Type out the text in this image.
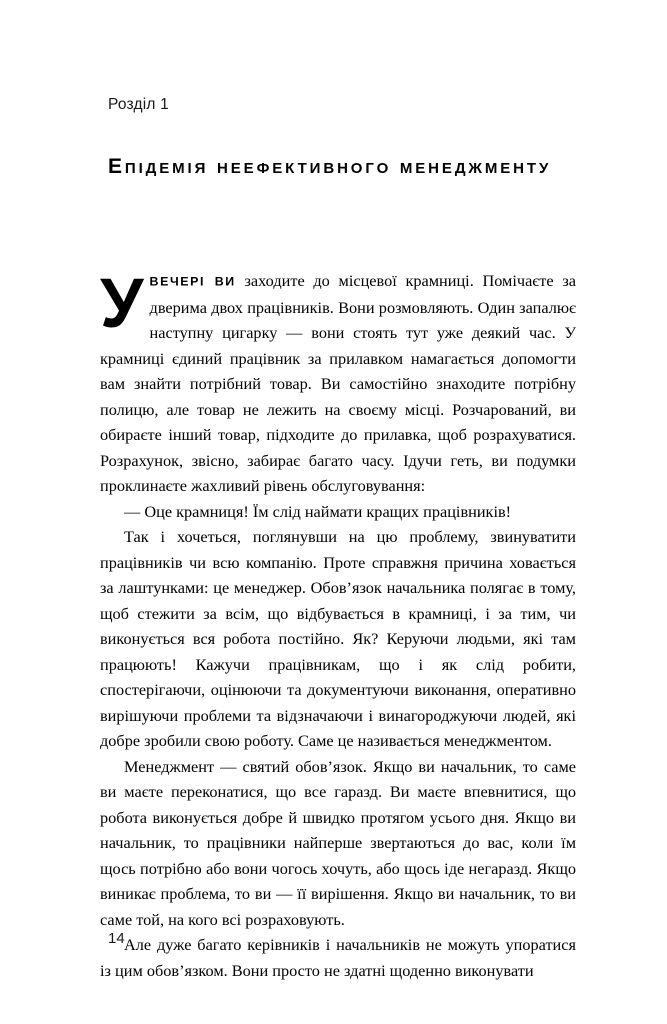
Розділ 1
Епідемія неефективного менеджменту

УВЕЧЕРІ ВИ заходите до місцевої крамниці. Помічаєте за дверима двох працівників. Вони розмовляють. Один запалює наступну цигарку — вони стоять тут уже деякий час. У крамниці єдиний працівник за прилавком намагається допомогти вам знайти потрібний товар. Ви самостійно знаходите потрібну полицю, але товар не лежить на своєму місці. Розчарований, ви обираєте інший товар, підходите до прилавка, щоб розрахуватися. Розрахунок, звісно, забирає багато часу. Ідучи геть, ви подумки проклинаєте жахливий рівень обслуговування:

— Оце крамниця! Їм слід наймати кращих працівників!

Так і хочеться, поглянувши на цю проблему, звинуватити працівників чи всю компанію. Проте справжня причина ховається за лаштунками: це менеджер. Обов’язок начальника полягає в тому, щоб стежити за всім, що відбувається в крамниці, і за тим, чи виконується вся робота постійно. Як? Керуючи людьми, які там працюють! Кажучи працівникам, що і як слід робити, спостерігаючи, оцінюючи та документуючи виконання, оперативно вирішуючи проблеми та відзначаючи і винагороджуючи людей, які добре зробили свою роботу. Саме це називається менеджментом.

Менеджмент — святий обов’язок. Якщо ви начальник, то саме ви маєте переконатися, що все гаразд. Ви маєте впевнитися, що робота виконується добре й швидко протягом усього дня. Якщо ви начальник, то працівники найперше звертаються до вас, коли їм щось потрібно або вони чогось хочуть, або щось іде негаразд. Якщо виникає проблема, то ви — її вирішення. Якщо ви начальник, то ви саме той, на кого всі розраховують.

Але дуже багато керівників і начальників не можуть упоратися із цим обов’язком. Вони просто не здатні щоденно виконувати

14
